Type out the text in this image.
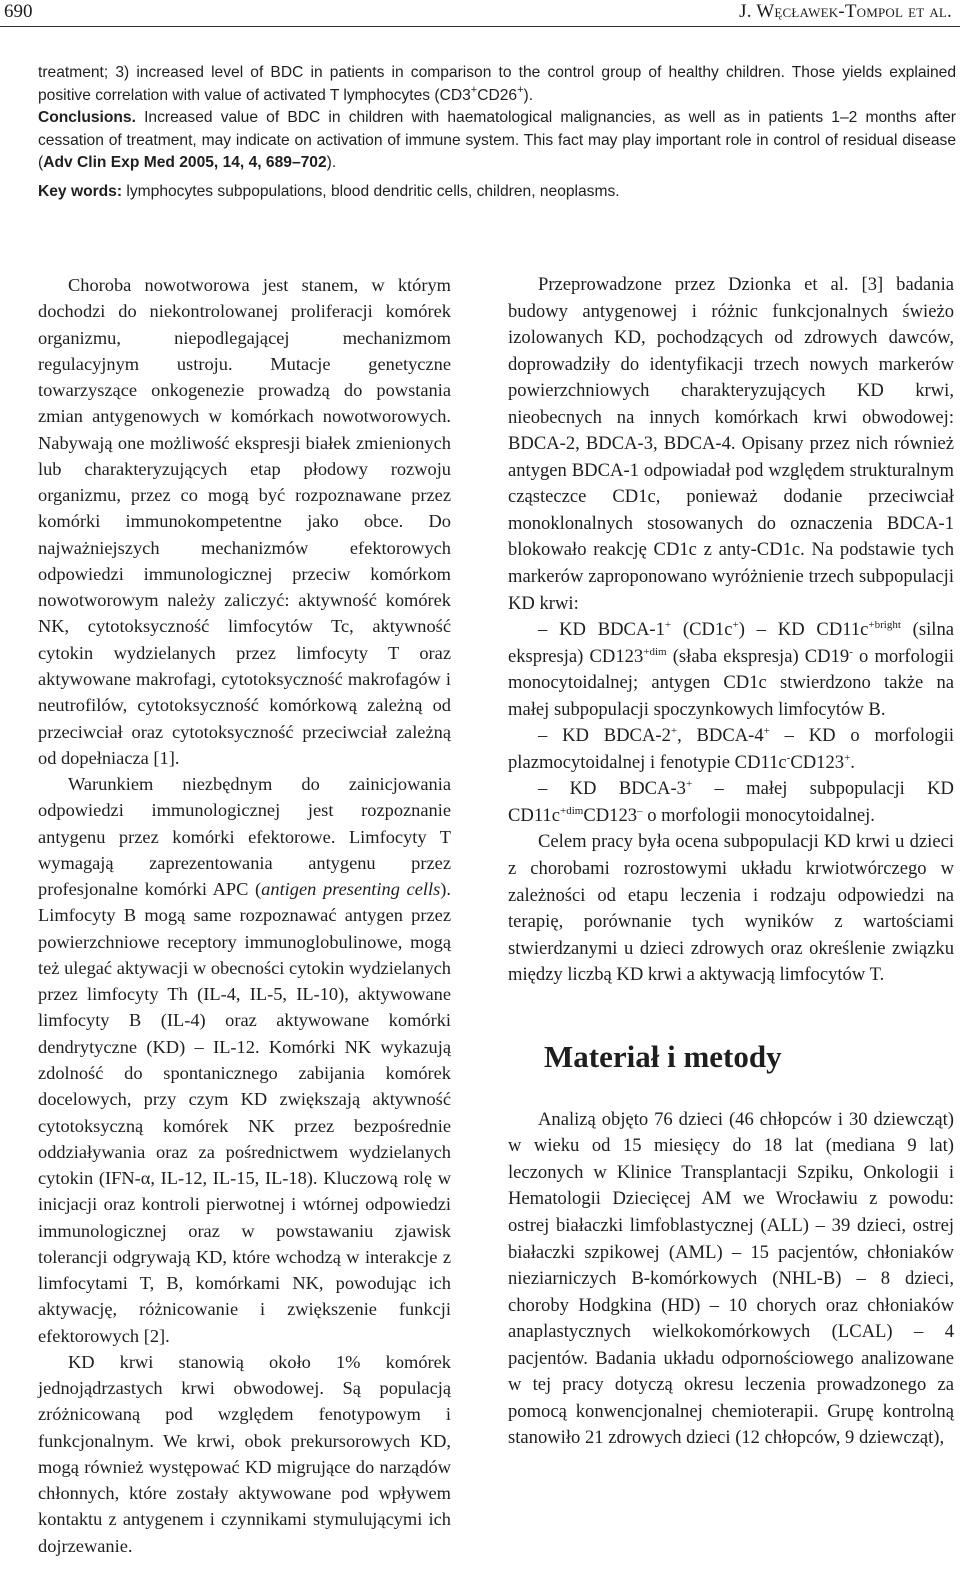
690	J. Węcławek-Tompol et al.

treatment; 3) increased level of BDC in patients in comparison to the control group of healthy children. Those yields explained positive correlation with value of activated T lymphocytes (CD3+CD26+).

Conclusions. Increased value of BDC in children with haematological malignancies, as well as in patients 1–2 months after cessation of treatment, may indicate on activation of immune system. This fact may play important role in control of residual disease (Adv Clin Exp Med 2005, 14, 4, 689–702).

Key words: lymphocytes subpopulations, blood dendritic cells, children, neoplasms.

Choroba nowotworowa jest stanem, w którym dochodzi do niekontrolowanej proliferacji komórek organizmu, niepodlegającej mechanizmom regulacyjnym ustroju. Mutacje genetyczne towarzyszące onkogenezie prowadzą do powstania zmian antygenowych w komórkach nowotworowych. Nabywają one możliwość ekspresji białek zmienionych lub charakteryzujących etap płodowy rozwoju organizmu, przez co mogą być rozpoznawane przez komórki immunokompetentne jako obce. Do najważniejszych mechanizmów efektorowych odpowiedzi immunologicznej przeciw komórkom nowotworowym należy zaliczyć: aktywność komórek NK, cytotoksyczność limfocytów Tc, aktywność cytokin wydzielanych przez limfocyty T oraz aktywowane makrofagi, cytotoksyczność makrofagów i neutrofilów, cytotoksyczność komórkową zależną od przeciwciał oraz cytotoksyczność przeciwciał zależną od dopełniacza [1].

Warunkiem niezbędnym do zainicjowania odpowiedzi immunologicznej jest rozpoznanie antygenu przez komórki efektorowe. Limfocyty T wymagają zaprezentowania antygenu przez profesjonalne komórki APC (antigen presenting cells). Limfocyty B mogą same rozpoznawać antygen przez powierzchniowe receptory immunoglobulinowe, mogą też ulegać aktywacji w obecności cytokin wydzielanych przez limfocyty Th (IL-4, IL-5, IL-10), aktywowane limfocyty B (IL-4) oraz aktywowane komórki dendrytyczne (KD) – IL-12. Komórki NK wykazują zdolność do spontanicznego zabijania komórek docelowych, przy czym KD zwiększają aktywność cytotoksyczną komórek NK przez bezpośrednie oddziaływania oraz za pośrednictwem wydzielanych cytokin (IFN-α, IL-12, IL-15, IL-18). Kluczową rolę w inicjacji oraz kontroli pierwotnej i wtórnej odpowiedzi immunologicznej oraz w powstawaniu zjawisk tolerancji odgrywają KD, które wchodzą w interakcje z limfocytami T, B, komórkami NK, powodując ich aktywację, różnicowanie i zwiększenie funkcji efektorowych [2].

KD krwi stanowią około 1% komórek jednojądrzastych krwi obwodowej. Są populacją zróżnicowaną pod względem fenotypowym i funkcjonalnym. We krwi, obok prekursorowych KD, mogą również występować KD migrujące do narządów chłonnych, które zostały aktywowane pod wpływem kontaktu z antygenem i czynnikami stymulującymi ich dojrzewanie.

Przeprowadzone przez Dzionka et al. [3] badania budowy antygenowej i różnic funkcjonalnych świeżo izolowanych KD, pochodzących od zdrowych dawców, doprowadziły do identyfikacji trzech nowych markerów powierzchniowych charakteryzujących KD krwi, nieobecnych na innych komórkach krwi obwodowej: BDCA-2, BDCA-3, BDCA-4. Opisany przez nich również antygen BDCA-1 odpowiadał pod względem strukturalnym cząsteczce CD1c, ponieważ dodanie przeciwciał monoklonalnych stosowanych do oznaczenia BDCA-1 blokowało reakcję CD1c z anty-CD1c. Na podstawie tych markerów zaproponowano wyróżnienie trzech subpopulacji KD krwi:

– KD BDCA-1+ (CD1c+) – KD $CD11c^{+bright}$ (silna ekspresja) $CD123^{+dim}$ (słaba ekspresja) CD19- o morfologii monocytoidalnej; antygen CD1c stwierdzono także na małej subpopulacji spoczynkowych limfocytów B.

– KD BDCA-2+, BDCA-4+ – KD o morfologii plazmocytoidalnej i fenotypie CD11c-CD123+.

– KD BDCA-3+ – małej subpopulacji KD $CD11c^{+dim}CD123^-$ o morfologii monocytoidalnej.

Celem pracy była ocena subpopulacji KD krwi u dzieci z chorobami rozrostowymi układu krwiotwórczego w zależności od etapu leczenia i rodzaju odpowiedzi na terapię, porównanie tych wyników z wartościami stwierdzanymi u dzieci zdrowych oraz określenie związku między liczbą KD krwi a aktywacją limfocytów T.

Materiał i metody

Analizą objęto 76 dzieci (46 chłopców i 30 dziewcząt) w wieku od 15 miesięcy do 18 lat (mediana 9 lat) leczonych w Klinice Transplantacji Szpiku, Onkologii i Hematologii Dziecięcej AM we Wrocławiu z powodu: ostrej białaczki limfoblastycznej (ALL) – 39 dzieci, ostrej białaczki szpikowej (AML) – 15 pacjentów, chłoniaków nieziarniczych B-komórkowych (NHL-B) – 8 dzieci, choroby Hodgkina (HD) – 10 chorych oraz chłoniaków anaplastycznych wielkokomórkowych (LCAL) – 4 pacjentów. Badania układu odpornościowego analizowane w tej pracy dotyczą okresu leczenia prowadzonego za pomocą konwencjonalnej chemioterapii. Grupę kontrolną stanowiło 21 zdrowych dzieci (12 chłopców, 9 dziewcząt),
